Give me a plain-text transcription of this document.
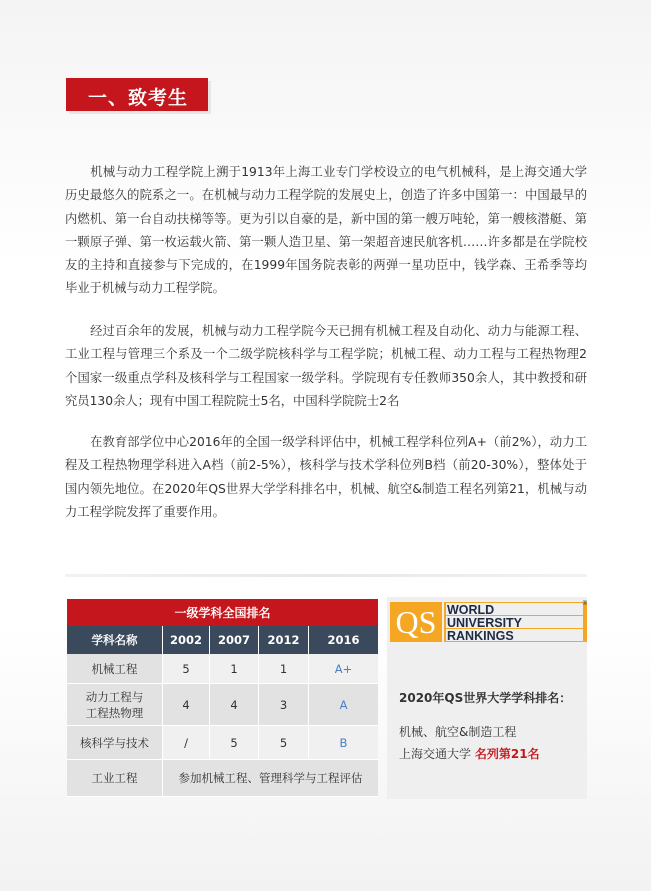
一、致考生

机械与动力工程学院上溯于1913年上海工业专门学校设立的电气机械科，是上海交通大学历史最悠久的院系之一。在机械与动力工程学院的发展史上，创造了许多中国第一：中国最早的内燃机、第一台自动扶梯等等。更为引以自豪的是，新中国的第一艘万吨轮，第一艘核潜艇、第一颗原子弹、第一枚运载火箭、第一颗人造卫星、第一架超音速民航客机……许多都是在学院校友的主持和直接参与下完成的，在1999年国务院表彰的两弹一星功臣中，钱学森、王希季等均毕业于机械与动力工程学院。

经过百余年的发展，机械与动力工程学院今天已拥有机械工程及自动化、动力与能源工程、工业工程与管理三个系及一个二级学院核科学与工程学院；机械工程、动力工程与工程热物理2个国家一级重点学科及核科学与工程国家一级学科。学院现有专任教师350余人，其中教授和研究员130余人；现有中国工程院院士5名，中国科学院院士2名

在教育部学位中心2016年的全国一级学科评估中，机械工程学科位列A+（前2%），动力工程及工程热物理学科进入A档（前2-5%），核科学与技术学科位列B档（前20-30%），整体处于国内领先地位。在2020年QS世界大学学科排名中，机械、航空&制造工程名列第21，机械与动力工程学院发挥了重要作用。

一级学科全国排名				
学科名称	2002	2007	2012	2016
机械工程	5	1	1	A+

动力工程与
工程热物理	4	4	3	A
核科学与技术	/	5	5	B
工业工程	参加机械工程、管理科学与工程评估			
QS WORLD
UNIVERSITY
RANKINGS
®
2020年QS世界大学学科排名：
机械、航空&制造工程
上海交通大学 名列第21名
